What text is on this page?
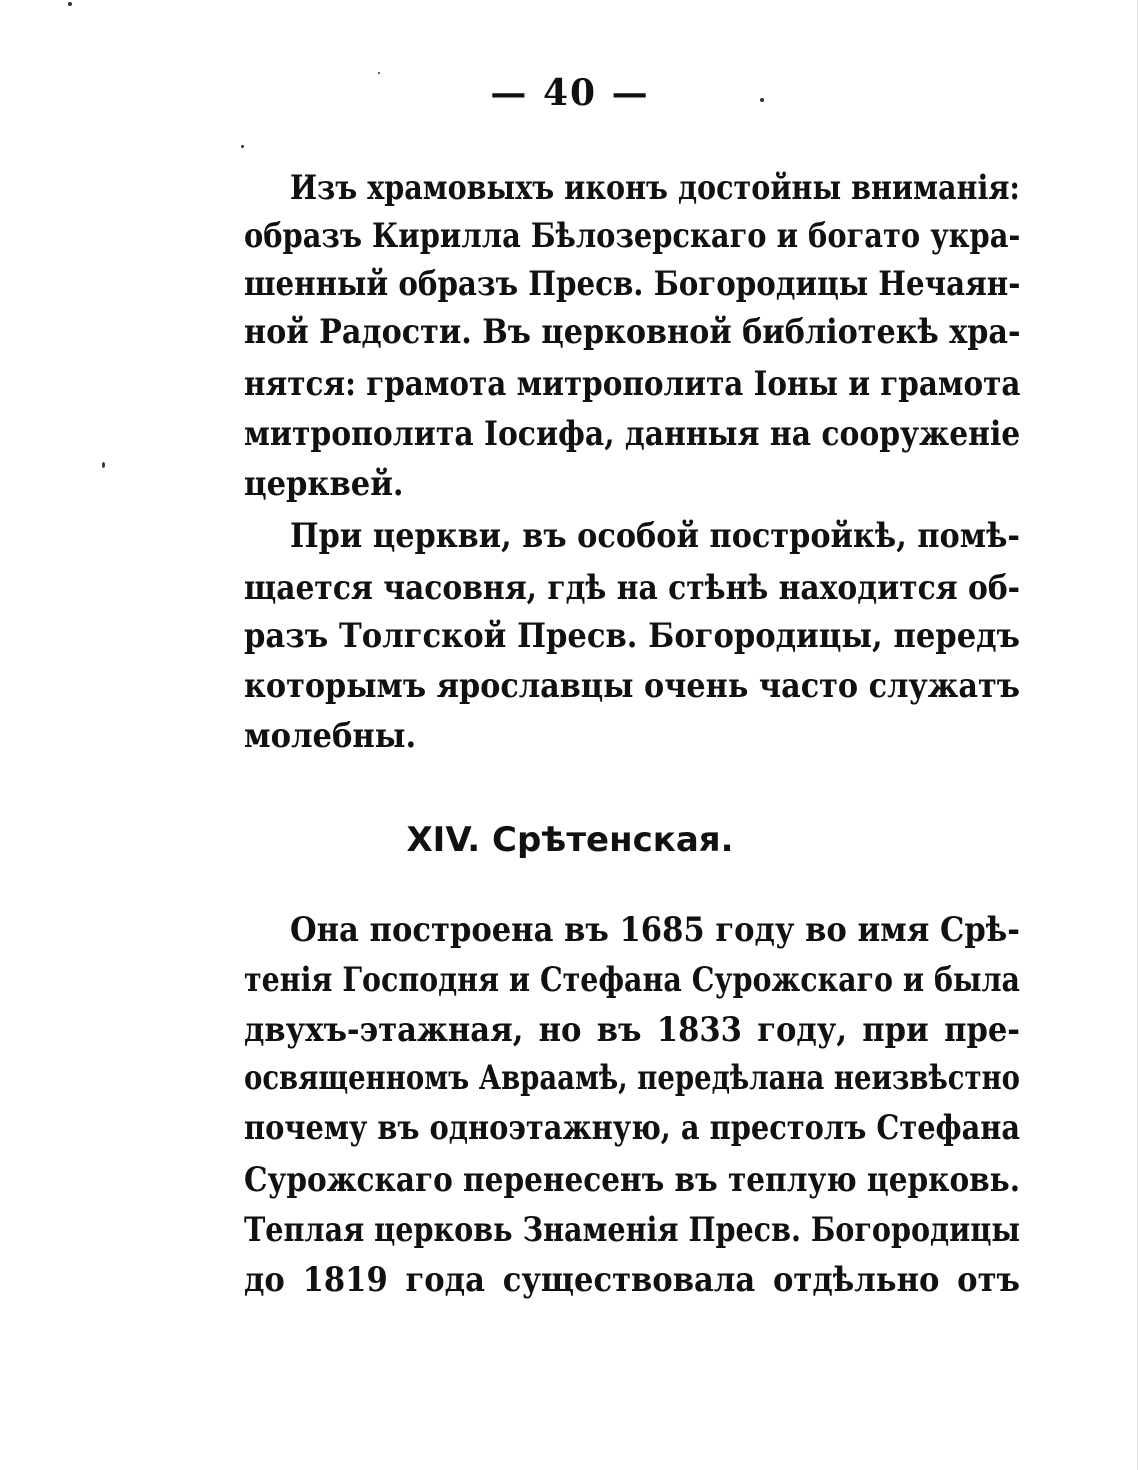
— 40 —
Изъ храмовыхъ иконъ достойны вниманія:
образъ Кирилла Бѣлозерскаго и богато укра-
шенный образъ Пресв. Богородицы Нечаян-
ной Радости. Въ церковной библіотекѣ хра-
нятся: грамота митрополита Іоны и грамота
митрополита Іосифа, данныя на сооруженіе
церквей.
При церкви, въ особой постройкѣ, помѣ-
щается часовня, гдѣ на стѣнѣ находится об-
разъ Толгской Пресв. Богородицы, передъ
которымъ ярославцы очень часто служатъ
молебны.
XIV. Срѣтенская.
Она построена въ 1685 году во имя Срѣ-
тенія Господня и Стефана Сурожскаго и была
двухъ-этажная, но въ 1833 году, при пре-
освященномъ Авраамѣ, передѣлана неизвѣстно
почему въ одноэтажную, а престолъ Стефана
Сурожскаго перенесенъ въ теплую церковь.
Теплая церковь Знаменія Пресв. Богородицы
до 1819 года существовала отдѣльно отъ
